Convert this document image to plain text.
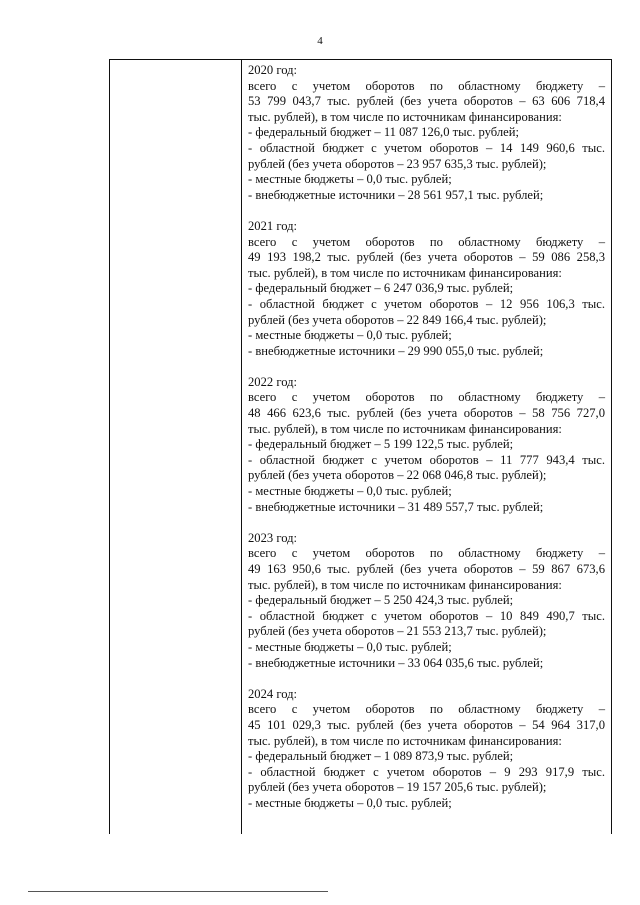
4
2020 год:
всего с учетом оборотов по областному бюджету –
53 799 043,7 тыс. рублей (без учета оборотов – 63 606 718,4
тыс. рублей), в том числе по источникам финансирования:
- федеральный бюджет – 11 087 126,0 тыс. рублей;
- областной бюджет с учетом оборотов – 14 149 960,6 тыс.
рублей (без учета оборотов – 23 957 635,3 тыс. рублей);
- местные бюджеты – 0,0 тыс. рублей;
- внебюджетные источники – 28 561 957,1 тыс. рублей;
2021 год:
всего с учетом оборотов по областному бюджету –
49 193 198,2 тыс. рублей (без учета оборотов – 59 086 258,3
тыс. рублей), в том числе по источникам финансирования:
- федеральный бюджет – 6 247 036,9 тыс. рублей;
- областной бюджет с учетом оборотов – 12 956 106,3 тыс.
рублей (без учета оборотов – 22 849 166,4 тыс. рублей);
- местные бюджеты – 0,0 тыс. рублей;
- внебюджетные источники – 29 990 055,0 тыс. рублей;
2022 год:
всего с учетом оборотов по областному бюджету –
48 466 623,6 тыс. рублей (без учета оборотов – 58 756 727,0
тыс. рублей), в том числе по источникам финансирования:
- федеральный бюджет – 5 199 122,5 тыс. рублей;
- областной бюджет с учетом оборотов – 11 777 943,4 тыс.
рублей (без учета оборотов – 22 068 046,8 тыс. рублей);
- местные бюджеты – 0,0 тыс. рублей;
- внебюджетные источники – 31 489 557,7 тыс. рублей;
2023 год:
всего с учетом оборотов по областному бюджету –
49 163 950,6 тыс. рублей (без учета оборотов – 59 867 673,6
тыс. рублей), в том числе по источникам финансирования:
- федеральный бюджет – 5 250 424,3 тыс. рублей;
- областной бюджет с учетом оборотов – 10 849 490,7 тыс.
рублей (без учета оборотов – 21 553 213,7 тыс. рублей);
- местные бюджеты – 0,0 тыс. рублей;
- внебюджетные источники – 33 064 035,6 тыс. рублей;
2024 год:
всего с учетом оборотов по областному бюджету –
45 101 029,3 тыс. рублей (без учета оборотов – 54 964 317,0
тыс. рублей), в том числе по источникам финансирования:
- федеральный бюджет – 1 089 873,9 тыс. рублей;
- областной бюджет с учетом оборотов – 9 293 917,9 тыс.
рублей (без учета оборотов – 19 157 205,6 тыс. рублей);
- местные бюджеты – 0,0 тыс. рублей;
